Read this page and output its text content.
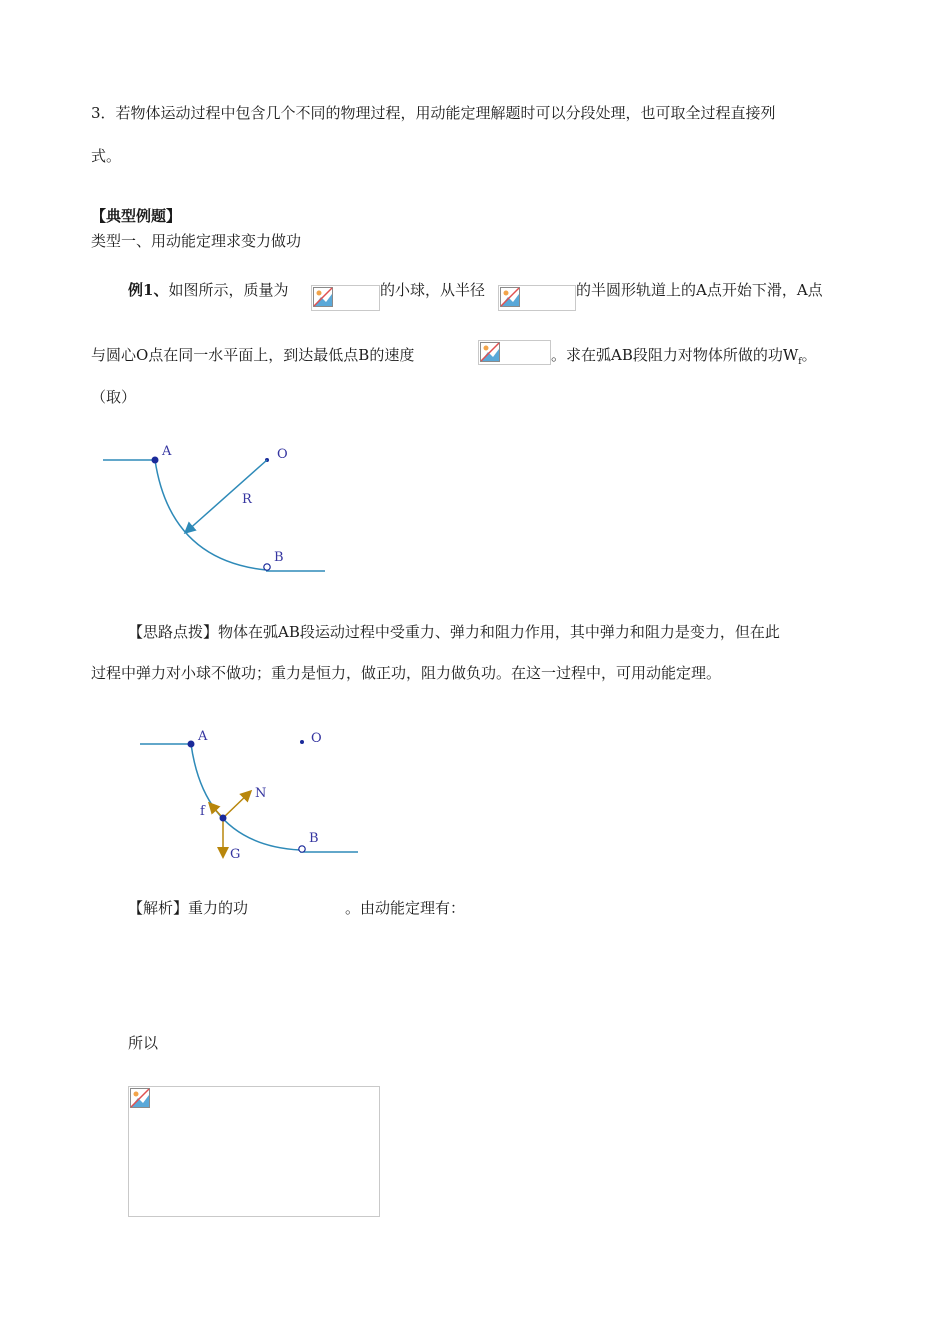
3．若物体运动过程中包含几个不同的物理过程，用动能定理解题时可以分段处理，也可取全过程直接列
式。
【典型例题】
类型一、用动能定理求变力做功
例1、如图所示，质量为	的小球，从半径	的半圆形轨道上的A点开始下滑，A点
与圆心O点在同一水平面上，到达最低点B的速度	。求在弧AB段阻力对物体所做的功$W_f$。
（取）
A	O
R
B
【思路点拨】物体在弧AB段运动过程中受重力、弹力和阻力作用，其中弹力和阻力是变力，但在此
过程中弹力对小球不做功；重力是恒力，做正功，阻力做负功。在这一过程中，可用动能定理。
A	O
N
f
G
B
【解析】重力的功	。由动能定理有：
所以
